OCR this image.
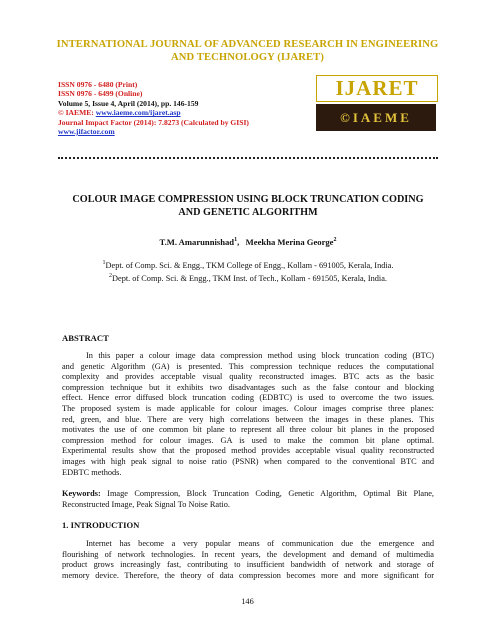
INTERNATIONAL JOURNAL OF ADVANCED RESEARCH IN ENGINEERING
AND TECHNOLOGY (IJARET)
ISSN 0976 - 6480 (Print)
ISSN 0976 - 6499 (Online)
Volume 5, Issue 4, April (2014), pp. 146-159
© IAEME: www.iaeme.com/ijaret.asp
Journal Impact Factor (2014): 7.8273 (Calculated by GISI)
www.jifactor.com
IJARET
©IAEME
COLOUR IMAGE COMPRESSION USING BLOCK TRUNCATION CODING
AND GENETIC ALGORITHM
T.M. Amarunnishad$^1$, Meekha Merina George$^2$
$^1$Dept. of Comp. Sci. & Engg., TKM College of Engg., Kollam - 691005, Kerala, India.
$^2$Dept. of Comp. Sci. & Engg., TKM Inst. of Tech., Kollam - 691505, Kerala, India.
ABSTRACT
In this paper a colour image data compression method using block truncation coding (BTC)
and genetic Algorithm (GA) is presented. This compression technique reduces the computational
complexity and provides acceptable visual quality reconstructed images. BTC acts as the basic
compression technique but it exhibits two disadvantages such as the false contour and blocking
effect. Hence error diffused block truncation coding (EDBTC) is used to overcome the two issues.
The proposed system is made applicable for colour images. Colour images comprise three planes:
red, green, and blue. There are very high correlations between the images in these planes. This
motivates the use of one common bit plane to represent all three colour bit planes in the proposed
compression method for colour images. GA is used to make the common bit plane optimal.
Experimental results show that the proposed method provides acceptable visual quality reconstructed
images with high peak signal to noise ratio (PSNR) when compared to the conventional BTC and
EDBTC methods.
Keywords: Image Compression, Block Truncation Coding, Genetic Algorithm, Optimal Bit Plane,
Reconstructed Image, Peak Signal To Noise Ratio.
1. INTRODUCTION
Internet has become a very popular means of communication due the emergence and
flourishing of network technologies. In recent years, the development and demand of multimedia
product grows increasingly fast, contributing to insufficient bandwidth of network and storage of
memory device. Therefore, the theory of data compression becomes more and more significant for
146
